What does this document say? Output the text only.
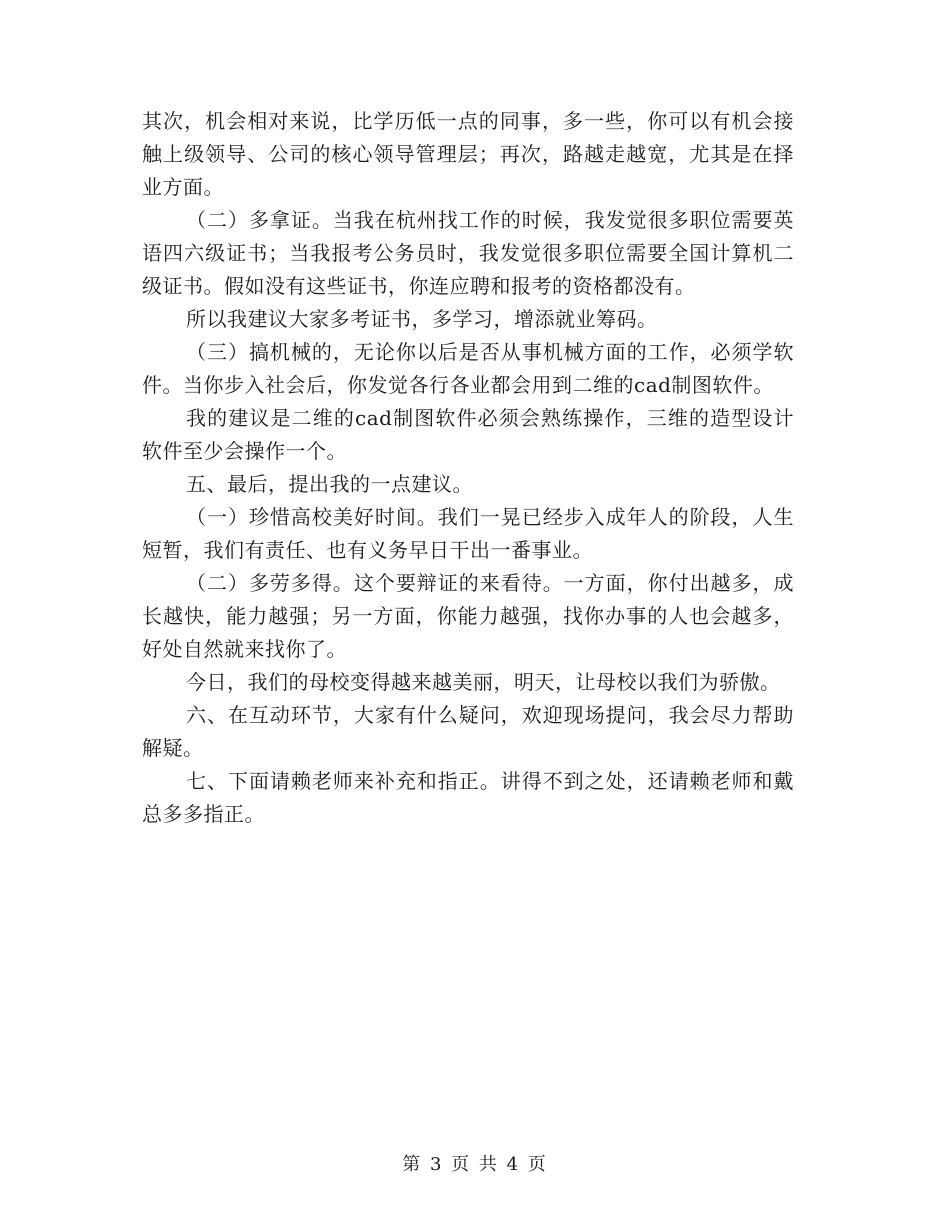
其次，机会相对来说，比学历低一点的同事，多一些，你可以有机会接触上级领导、公司的核心领导管理层；再次，路越走越宽，尤其是在择业方面。

（二）多拿证。当我在杭州找工作的时候，我发觉很多职位需要英语四六级证书；当我报考公务员时，我发觉很多职位需要全国计算机二级证书。假如没有这些证书，你连应聘和报考的资格都没有。

所以我建议大家多考证书，多学习，增添就业筹码。

（三）搞机械的，无论你以后是否从事机械方面的工作，必须学软件。当你步入社会后，你发觉各行各业都会用到二维的cad制图软件。

我的建议是二维的cad制图软件必须会熟练操作，三维的造型设计软件至少会操作一个。

五、最后，提出我的一点建议。

（一）珍惜高校美好时间。我们一晃已经步入成年人的阶段，人生短暂，我们有责任、也有义务早日干出一番事业。

（二）多劳多得。这个要辩证的来看待。一方面，你付出越多，成长越快，能力越强；另一方面，你能力越强，找你办事的人也会越多，好处自然就来找你了。

今日，我们的母校变得越来越美丽，明天，让母校以我们为骄傲。

六、在互动环节，大家有什么疑问，欢迎现场提问，我会尽力帮助解疑。

七、下面请赖老师来补充和指正。讲得不到之处，还请赖老师和戴总多多指正。

第 3 页 共 4 页
